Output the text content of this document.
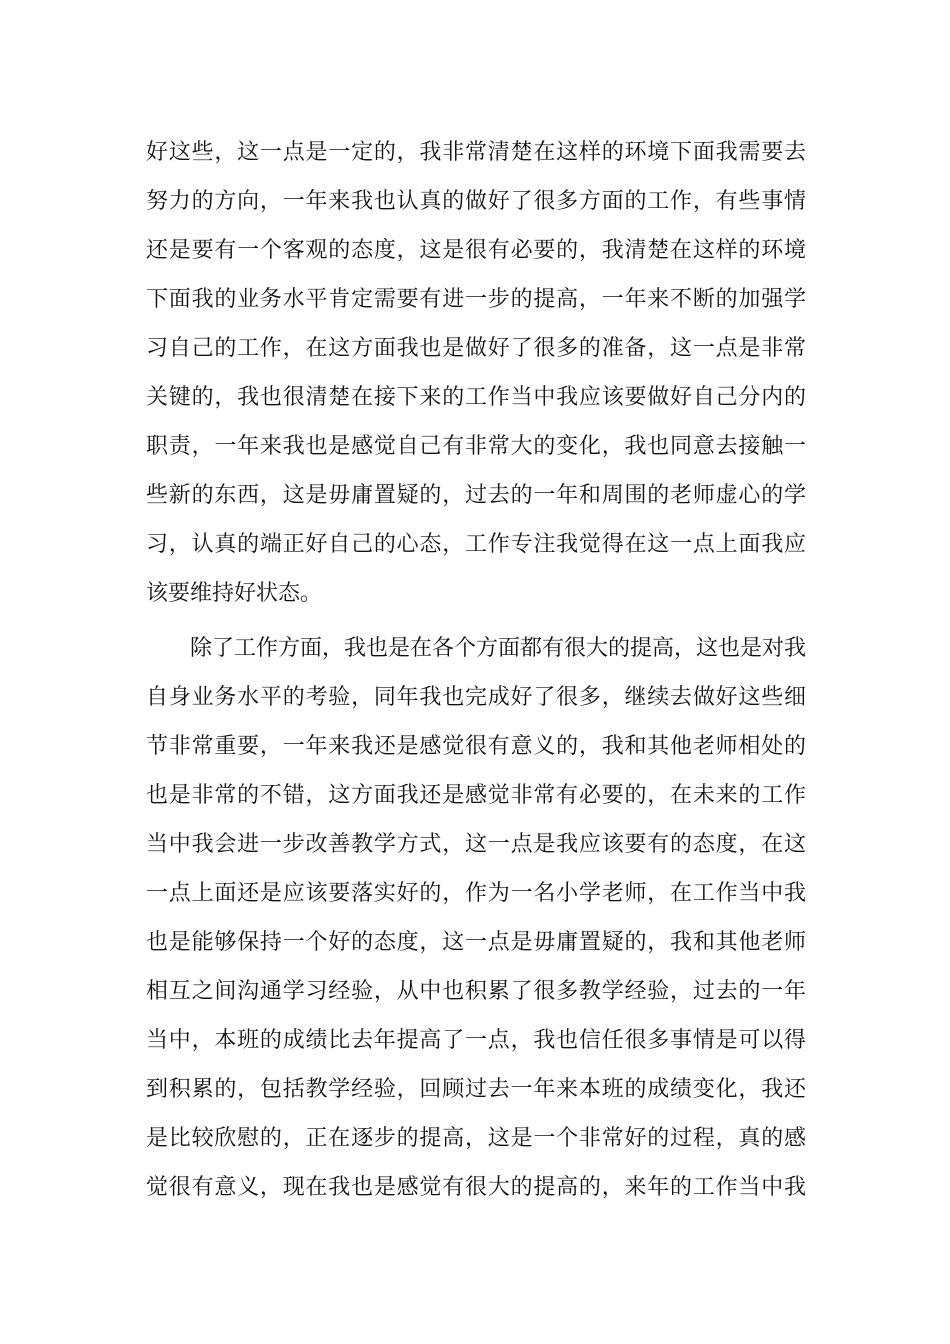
好这些，这一点是一定的，我非常清楚在这样的环境下面我需要去
努力的方向，一年来我也认真的做好了很多方面的工作，有些事情
还是要有一个客观的态度，这是很有必要的，我清楚在这样的环境
下面我的业务水平肯定需要有进一步的提高，一年来不断的加强学
习自己的工作，在这方面我也是做好了很多的准备，这一点是非常
关键的，我也很清楚在接下来的工作当中我应该要做好自己分内的
职责，一年来我也是感觉自己有非常大的变化，我也同意去接触一
些新的东西，这是毋庸置疑的，过去的一年和周围的老师虚心的学
习，认真的端正好自己的心态，工作专注我觉得在这一点上面我应
该要维持好状态。
除了工作方面，我也是在各个方面都有很大的提高，这也是对我
自身业务水平的考验，同年我也完成好了很多，继续去做好这些细
节非常重要，一年来我还是感觉很有意义的，我和其他老师相处的
也是非常的不错，这方面我还是感觉非常有必要的，在未来的工作
当中我会进一步改善教学方式，这一点是我应该要有的态度，在这
一点上面还是应该要落实好的，作为一名小学老师，在工作当中我
也是能够保持一个好的态度，这一点是毋庸置疑的，我和其他老师
相互之间沟通学习经验，从中也积累了很多教学经验，过去的一年
当中，本班的成绩比去年提高了一点，我也信任很多事情是可以得
到积累的，包括教学经验，回顾过去一年来本班的成绩变化，我还
是比较欣慰的，正在逐步的提高，这是一个非常好的过程，真的感
觉很有意义，现在我也是感觉有很大的提高的，来年的工作当中我
